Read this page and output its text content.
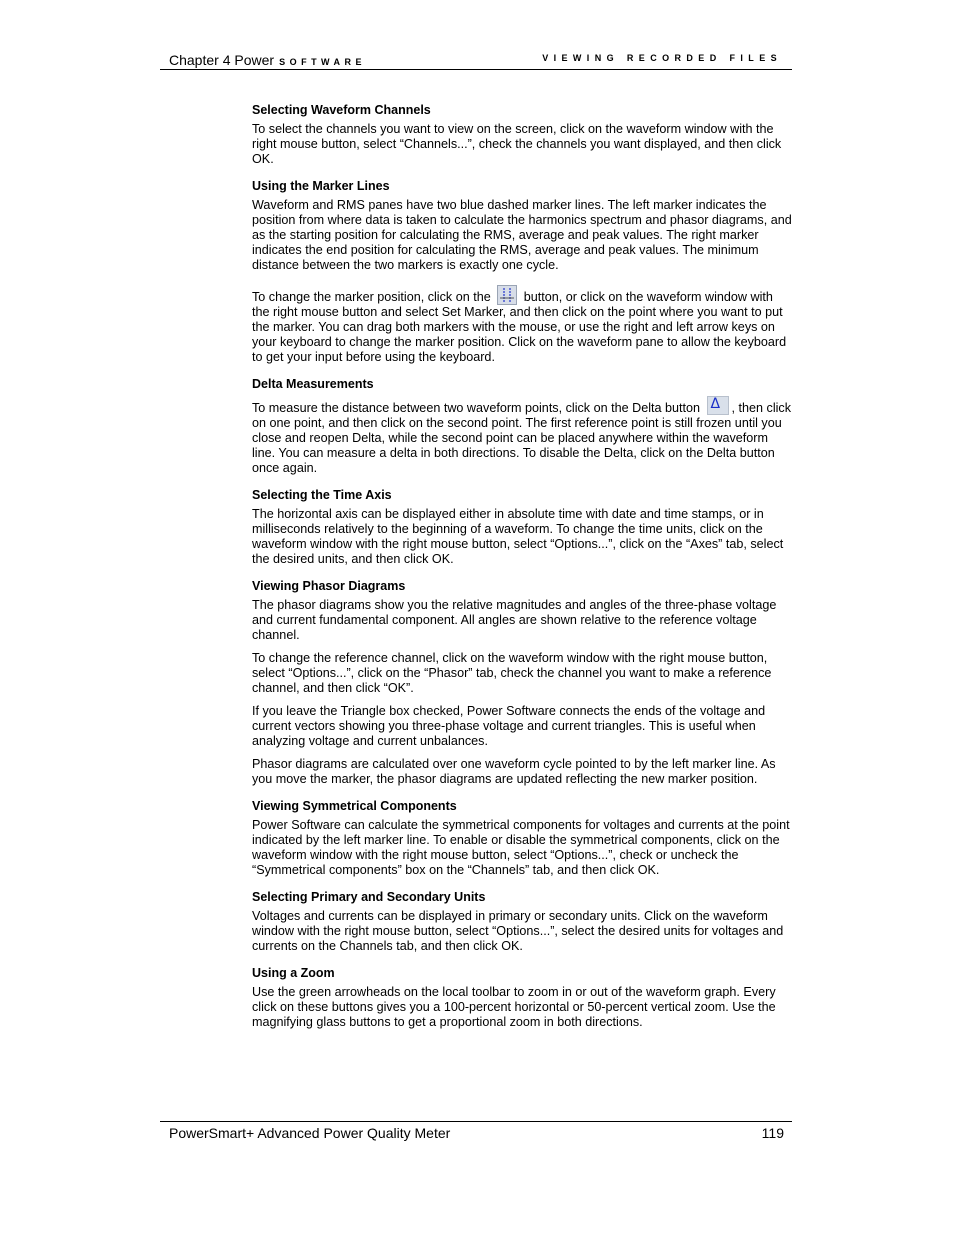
Chapter 4 Power SOFTWARE	VIEWING RECORDED FILES
Selecting Waveform Channels

To select the channels you want to view on the screen, click on the waveform window with the right mouse button, select “Channels...”, check the channels you want displayed, and then click OK.

Using the Marker Lines

Waveform and RMS panes have two blue dashed marker lines. The left marker indicates the position from where data is taken to calculate the harmonics spectrum and phasor diagrams, and as the starting position for calculating the RMS, average and peak values. The right marker indicates the end position for calculating the RMS, average and peak values. The minimum distance between the two markers is exactly one cycle.

To change the marker position, click on the	button, or click on the waveform window with the right mouse button and select Set Marker, and then click on the point where you want to put the marker. You can drag both markers with the mouse, or use the right and left arrow keys on your keyboard to change the marker position. Click on the waveform pane to allow the keyboard to get your input before using the keyboard.

Delta Measurements

To measure the distance between two waveform points, click on the Delta button Δ , then click on one point, and then click on the second point. The first reference point is still frozen until you close and reopen Delta, while the second point can be placed anywhere within the waveform line. You can measure a delta in both directions. To disable the Delta, click on the Delta button once again.

Selecting the Time Axis

The horizontal axis can be displayed either in absolute time with date and time stamps, or in milliseconds relatively to the beginning of a waveform. To change the time units, click on the waveform window with the right mouse button, select “Options...”, click on the “Axes” tab, select the desired units, and then click OK.

Viewing Phasor Diagrams

The phasor diagrams show you the relative magnitudes and angles of the three-phase voltage and current fundamental component. All angles are shown relative to the reference voltage channel.

To change the reference channel, click on the waveform window with the right mouse button, select “Options...”, click on the “Phasor” tab, check the channel you want to make a reference channel, and then click “OK”.

If you leave the Triangle box checked, Power Software connects the ends of the voltage and current vectors showing you three-phase voltage and current triangles. This is useful when analyzing voltage and current unbalances.

Phasor diagrams are calculated over one waveform cycle pointed to by the left marker line. As you move the marker, the phasor diagrams are updated reflecting the new marker position.

Viewing Symmetrical Components

Power Software can calculate the symmetrical components for voltages and currents at the point indicated by the left marker line. To enable or disable the symmetrical components, click on the waveform window with the right mouse button, select “Options...”, check or uncheck the “Symmetrical components” box on the “Channels” tab, and then click OK.

Selecting Primary and Secondary Units

Voltages and currents can be displayed in primary or secondary units. Click on the waveform window with the right mouse button, select “Options...”, select the desired units for voltages and currents on the Channels tab, and then click OK.

Using a Zoom

Use the green arrowheads on the local toolbar to zoom in or out of the waveform graph. Every click on these buttons gives you a 100-percent horizontal or 50-percent vertical zoom. Use the magnifying glass buttons to get a proportional zoom in both directions.

PowerSmart+ Advanced Power Quality Meter	119
